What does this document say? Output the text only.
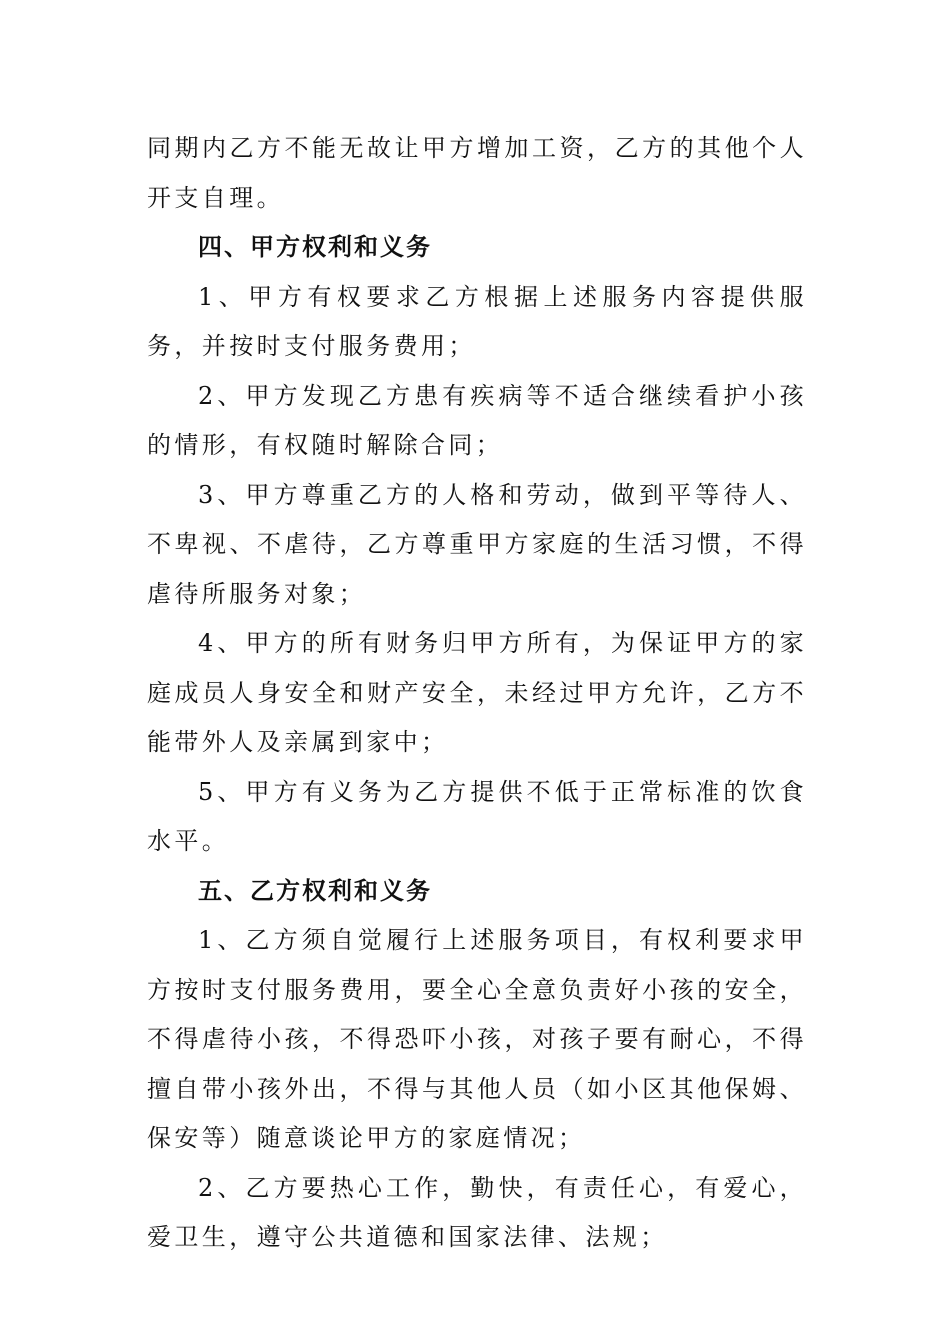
同期内乙方不能无故让甲方增加工资，乙方的其他个人开支自理。

四、甲方权利和义务

1、甲方有权要求乙方根据上述服务内容提供服务，并按时支付服务费用；

2、甲方发现乙方患有疾病等不适合继续看护小孩的情形，有权随时解除合同；

3、甲方尊重乙方的人格和劳动，做到平等待人、不卑视、不虐待，乙方尊重甲方家庭的生活习惯，不得虐待所服务对象；

4、甲方的所有财务归甲方所有，为保证甲方的家庭成员人身安全和财产安全，未经过甲方允许，乙方不能带外人及亲属到家中；

5、甲方有义务为乙方提供不低于正常标准的饮食水平。

五、乙方权利和义务

1、乙方须自觉履行上述服务项目，有权利要求甲方按时支付服务费用，要全心全意负责好小孩的安全，不得虐待小孩，不得恐吓小孩，对孩子要有耐心，不得擅自带小孩外出，不得与其他人员（如小区其他保姆、保安等）随意谈论甲方的家庭情况；

2、乙方要热心工作，勤快，有责任心，有爱心，爱卫生，遵守公共道德和国家法律、法规；
